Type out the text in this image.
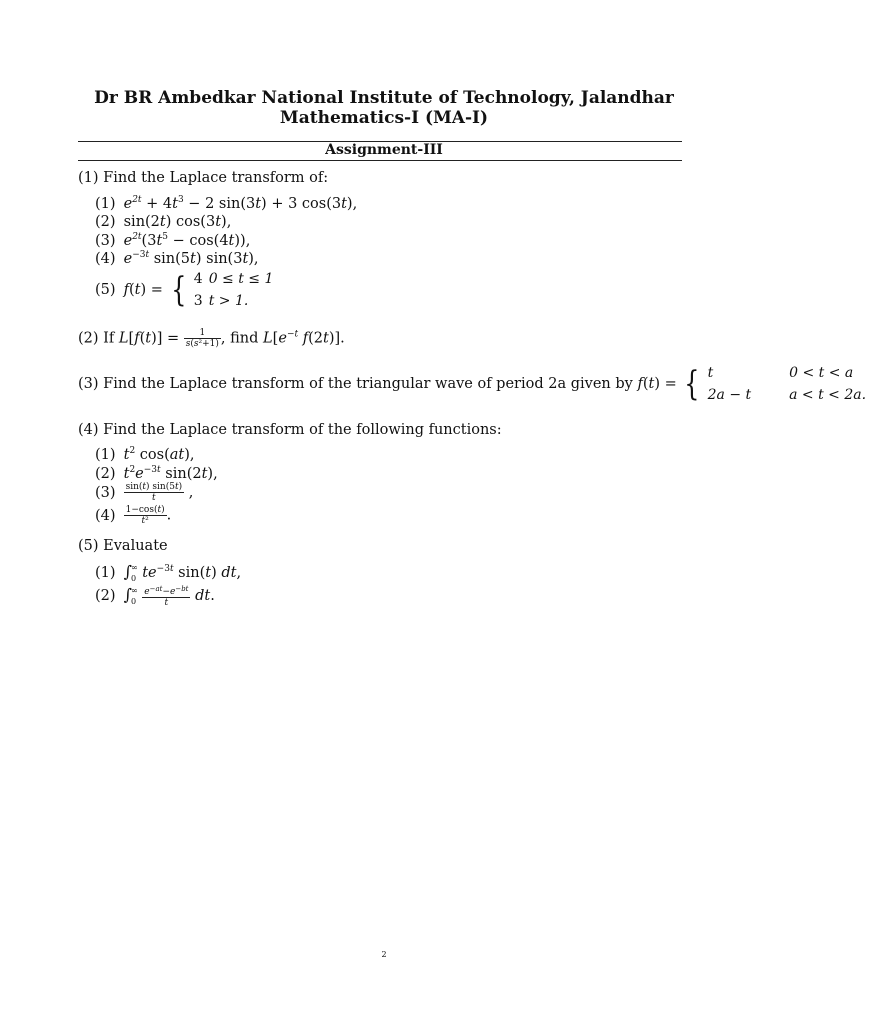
Dr BR Ambedkar National Institute of Technology, Jalandhar
Mathematics-I (MA-I)
Assignment-III
(1) Find the Laplace transform of:
(1) $e^{2t} + 4t^3 - 2$ sin(3t) + 3 cos(3t),
(2) sin(2t) cos(3t),
(3) $e^{2t}(3t^5 - \cos(4t))$,
(4) $e^{-3t}$ sin(5t) sin(3t),
(5) f(t) = { 4	0 ≤ t ≤ 1
3	t > 1.
(2) If $L[f(t)] = \frac{1}{\text{s(s²+1)}}$ , find $L[e^{-t}$ f(2t)].
(3) Find the Laplace transform of the triangular wave of period 2a given by f(t) = { t	0 < t < a
2a − t	a < t < 2a.
(4) Find the Laplace transform of the following functions:
(1) $t^2$ cos(at),
(2) $t^2e^{-3t}$ sin(2t),
$(3) \frac{\sin(t) \sin(5t)}{t}$ ,
$(4) \frac{1-\cos(t)}{\text{t²}}$ .
(5) Evaluate
(1) ∫ ∞
0 $te^{-3t}$ sin(t) dt,
(2) ∫ ∞
0
$\frac{e^{-at}-e^{-bt}}{t}$ dt.
2
